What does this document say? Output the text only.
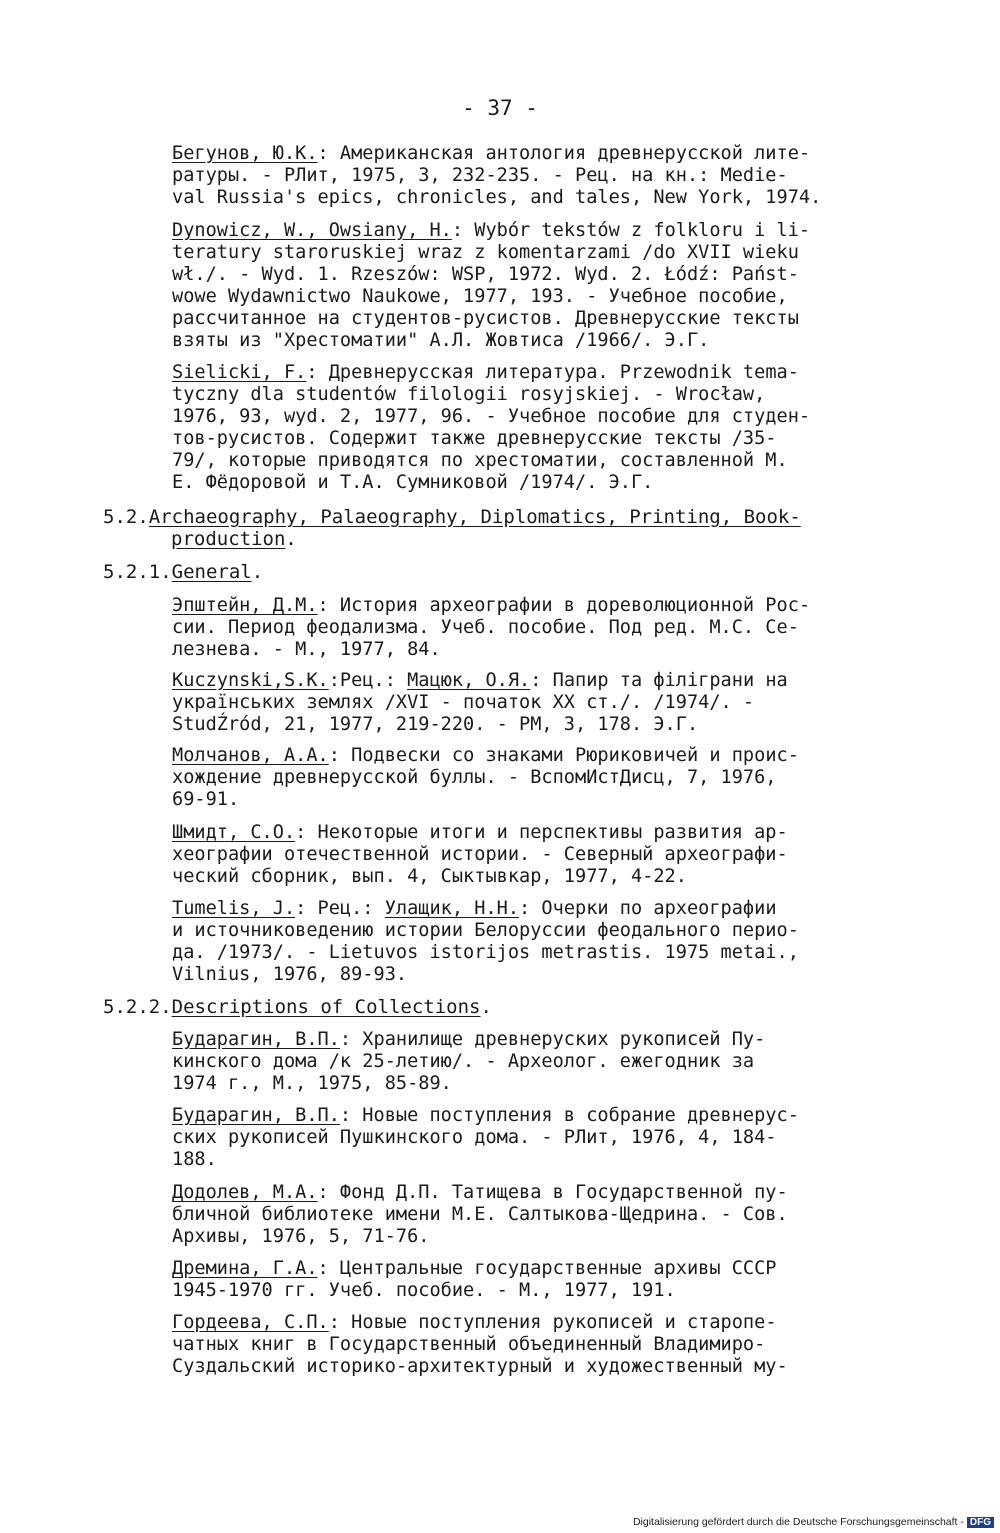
- 37 -
Бегунов, Ю.К.: Американская антология древнерусской лите-
ратуры. - РЛит, 1975, 3, 232-235. - Рец. на кн.: Medie-
val Russia's epics, chronicles, and tales, New York, 1974.
Dynowicz, W., Owsiany, H.: Wybór tekstów z folkloru i li-
teratury staroruskiej wraz z komentarzami /do XVII wieku
wł./. - Wyd. 1. Rzeszów: WSP, 1972. Wyd. 2. Łódź: Państ-
wowe Wydawnictwo Naukowe, 1977, 193. - Учебное пособие,
рассчитанное на студентов-русистов. Древнерусские тексты
взяты из "Хрестоматии" А.Л. Жовтиса /1966/. Э.Г.
Sielicki, F.: Древнерусская литература. Przewodnik tema-
tyczny dla studentów filologii rosyjskiej. - Wrocław,
1976, 93, wyd. 2, 1977, 96. - Учебное пособие для студен-
тов-русистов. Содержит также древнерусские тексты /35-
79/, которые приводятся по хрестоматии, составленной М.
Е. Фёдоровой и Т.А. Сумниковой /1974/. Э.Г.
Эпштейн, Д.М.: История археографии в дореволюционной Рос-
сии. Период феодализма. Учеб. пособие. Под ред. М.С. Се-
лезнева. - М., 1977, 84.
Kuczynski,S.K.:Рец.: Мацюк, О.Я.: Папир та філіграни на
українських землях /XVI - початок XX ст./. /1974/. -
StudŹród, 21, 1977, 219-220. - РМ, 3, 178. Э.Г.
Молчанов, А.А.: Подвески со знаками Рюриковичей и проис-
хождение древнерусской буллы. - ВспомИстДисц, 7, 1976,
69-91.
Шмидт, С.О.: Некоторые итоги и перспективы развития ар-
хеографии отечественной истории. - Северный археографи-
ческий сборник, вып. 4, Сыктывкар, 1977, 4-22.
Tumelis, J.: Рец.: Улащик, Н.Н.: Очерки по археографии
и источниковедению истории Белоруссии феодального перио-
да. /1973/. - Lietuvos istorijos metrastis. 1975 metai.,
Vilnius, 1976, 89-93.
Бударагин, В.П.: Хранилище древнеруских рукописей Пу-
кинского дома /к 25-летию/. - Археолог. ежегодник за
1974 г., М., 1975, 85-89.
Бударагин, В.П.: Новые поступления в собрание древнерус-
ских рукописей Пушкинского дома. - РЛит, 1976, 4, 184-
188.
Додолев, М.А.: Фонд Д.П. Татищева в Государственной пу-
бличной библиотеке имени М.Е. Салтыкова-Щедрина. - Сов.
Архивы, 1976, 5, 71-76.
Дремина, Г.А.: Центральные государственные архивы СССР
1945-1970 гг. Учеб. пособие. - М., 1977, 191.
Гордеева, С.П.: Новые поступления рукописей и старопе-
чатных книг в Государственный объединенный Владимиро-
Суздальский историко-архитектурный и художественный му-
5.2.Archaeography, Palaeography, Diplomatics, Printing, Book-
production.
5.2.1.General.
5.2.2.Descriptions of Collections.
Digitalisierung gefördert durch die Deutsche Forschungsgemeinschaft - DFG
